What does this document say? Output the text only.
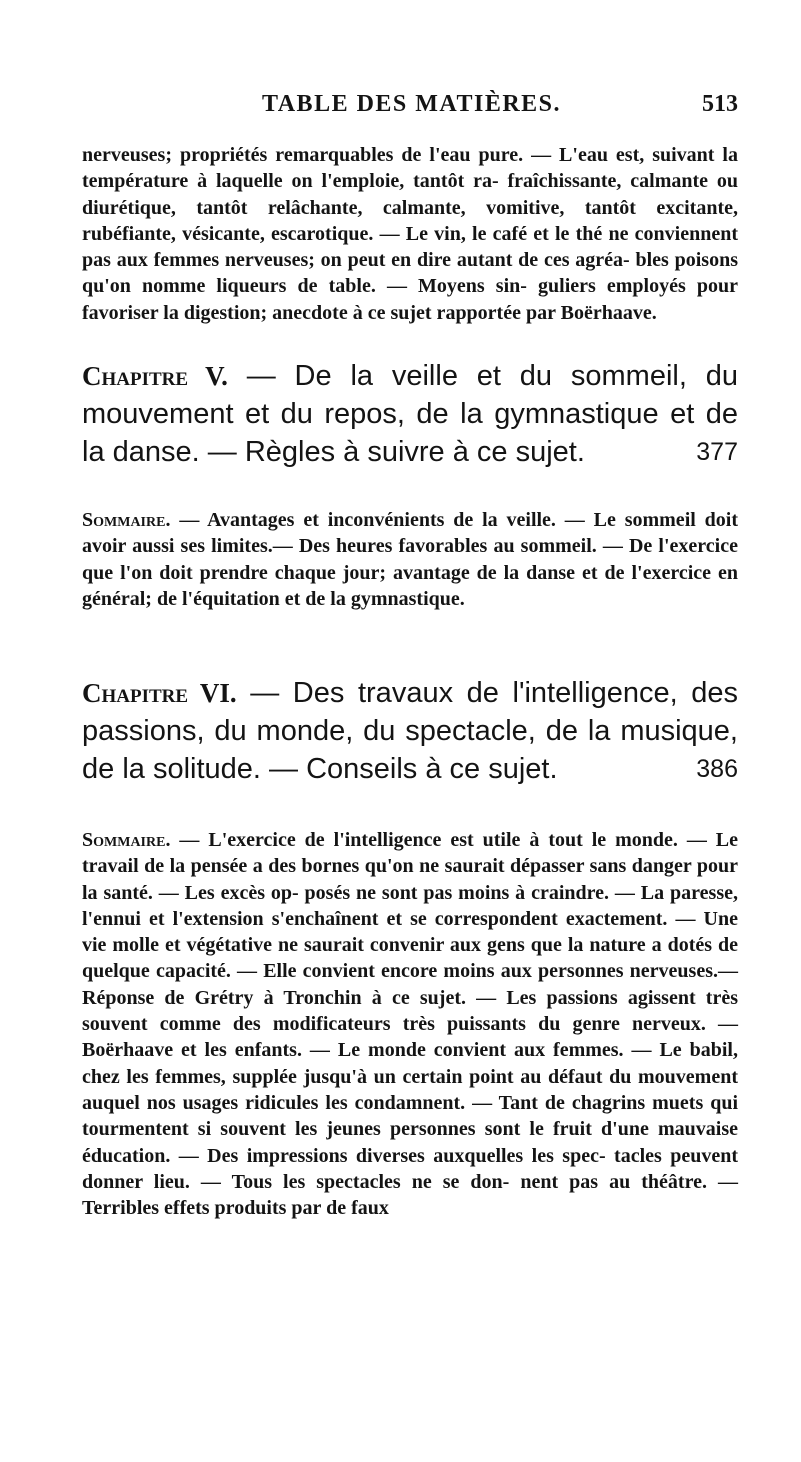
TABLE DES MATIÈRES.	513

nerveuses; propriétés remarquables de l'eau pure. — L'eau est, suivant la température à laquelle on l'emploie, tantôt ra- fraîchissante, calmante ou diurétique, tantôt relâchante, calmante, vomitive, tantôt excitante, rubéfiante, vésicante, escarotique. — Le vin, le café et le thé ne conviennent pas aux femmes nerveuses; on peut en dire autant de ces agréa- bles poisons qu'on nomme liqueurs de table. — Moyens sin- guliers employés pour favoriser la digestion; anecdote à ce sujet rapportée par Boërhaave.

Chapitre V. — De la veille et du sommeil, du mouvement et du repos, de la gymnastique et de la danse. — Règles à suivre à ce sujet.	377

Sommaire. — Avantages et inconvénients de la veille. — Le sommeil doit avoir aussi ses limites.— Des heures favorables au sommeil. — De l'exercice que l'on doit prendre chaque jour; avantage de la danse et de l'exercice en général; de l'équitation et de la gymnastique.

Chapitre VI. — Des travaux de l'intelligence, des passions, du monde, du spectacle, de la musique, de la solitude. — Conseils à ce sujet.	386

Sommaire. — L'exercice de l'intelligence est utile à tout le monde. — Le travail de la pensée a des bornes qu'on ne saurait dépasser sans danger pour la santé. — Les excès op- posés ne sont pas moins à craindre. — La paresse, l'ennui et l'extension s'enchaînent et se correspondent exactement. — Une vie molle et végétative ne saurait convenir aux gens que la nature a dotés de quelque capacité. — Elle convient encore moins aux personnes nerveuses.— Réponse de Grétry à Tronchin à ce sujet. — Les passions agissent très souvent comme des modificateurs très puissants du genre nerveux. — Boërhaave et les enfants. — Le monde convient aux femmes. — Le babil, chez les femmes, supplée jusqu'à un certain point au défaut du mouvement auquel nos usages ridicules les condamnent. — Tant de chagrins muets qui tourmentent si souvent les jeunes personnes sont le fruit d'une mauvaise éducation. — Des impressions diverses auxquelles les spec- tacles peuvent donner lieu. — Tous les spectacles ne se don- nent pas au théâtre. — Terribles effets produits par de faux
